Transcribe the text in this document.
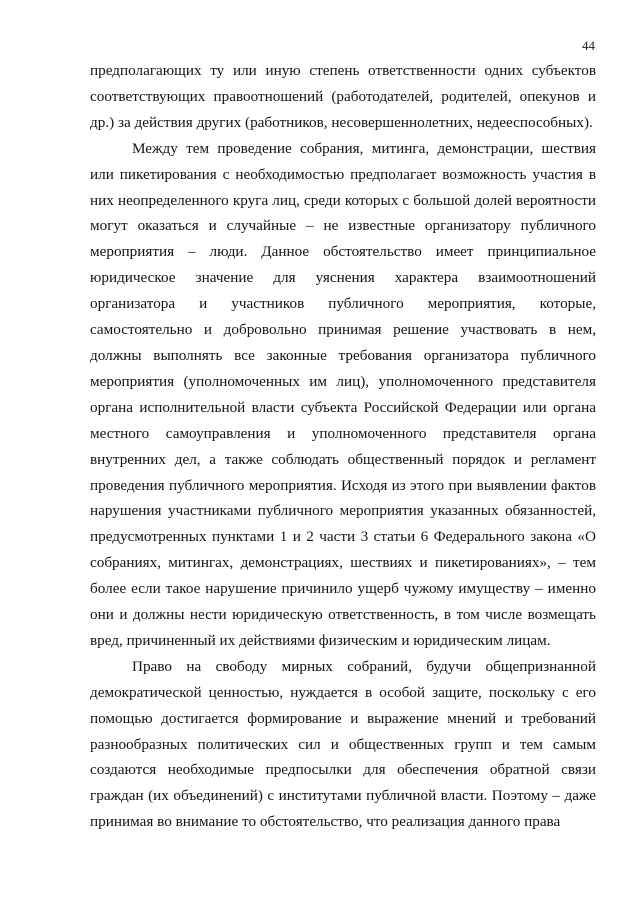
44

предполагающих ту или иную степень ответственности одних субъектов соответствующих правоотношений (работодателей, родителей, опекунов и др.) за действия других (работников, несовершеннолетних, недееспособных).

Между тем проведение собрания, митинга, демонстрации, шествия или пикетирования с необходимостью предполагает возможность участия в них неопределенного круга лиц, среди которых с большой долей вероятности могут оказаться и случайные – не известные организатору публичного мероприятия – люди. Данное обстоятельство имеет принципиальное юридическое значение для уяснения характера взаимоотношений организатора и участников публичного мероприятия, которые, самостоятельно и добровольно принимая решение участвовать в нем, должны выполнять все законные требования организатора публичного мероприятия (уполномоченных им лиц), уполномоченного представителя органа исполнительной власти субъекта Российской Федерации или органа местного самоуправления и уполномоченного представителя органа внутренних дел, а также соблюдать общественный порядок и регламент проведения публичного мероприятия. Исходя из этого при выявлении фактов нарушения участниками публичного мероприятия указанных обязанностей, предусмотренных пунктами 1 и 2 части 3 статьи 6 Федерального закона «О собраниях, митингах, демонстрациях, шествиях и пикетированиях», – тем более если такое нарушение причинило ущерб чужому имуществу – именно они и должны нести юридическую ответственность, в том числе возмещать вред, причиненный их действиями физическим и юридическим лицам.

Право на свободу мирных собраний, будучи общепризнанной демократической ценностью, нуждается в особой защите, поскольку с его помощью достигается формирование и выражение мнений и требований разнообразных политических сил и общественных групп и тем самым создаются необходимые предпосылки для обеспечения обратной связи граждан (их объединений) с институтами публичной власти. Поэтому – даже принимая во внимание то обстоятельство, что реализация данного права
